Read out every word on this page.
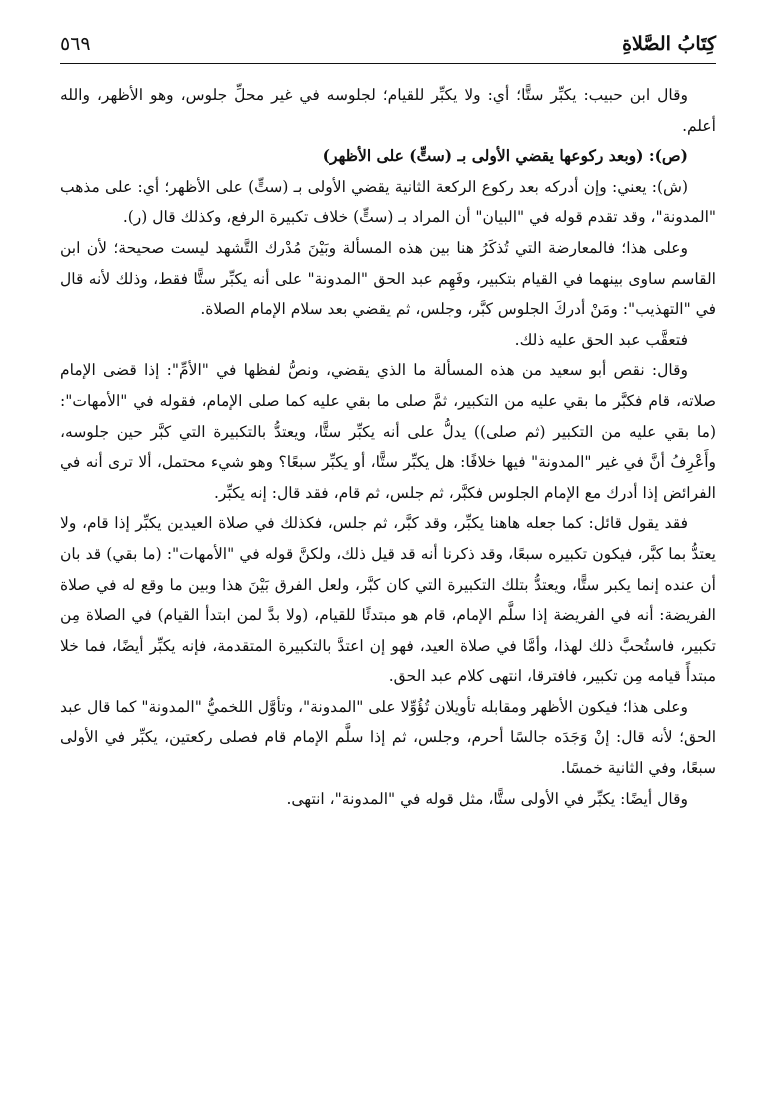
كِتَابُ الصَّلاةِ
٥٦٩

وقال ابن حبيب: يكبِّر ستًّا؛ أي: ولا يكبِّر للقيام؛ لجلوسه في غير محلِّ جلوس، وهو الأظهر، والله أعلم.

(ص): (وبعد ركوعها يقضي الأولى بـ (ستٍّ) على الأظهر)

(ش): يعني: وإن أدركه بعد ركوع الركعة الثانية يقضي الأولى بـ (ستٍّ) على الأظهر؛ أي: على مذهب "المدونة"، وقد تقدم قوله في "البيان" أن المراد بـ (ستٍّ) خلاف تكبيرة الرفع، وكذلك قال (ر).

وعلى هذا؛ فالمعارضة التي تُذكَرُ هنا بين هذه المسألة وبَيْنَ مُدْرك التَّشهد ليست صحيحة؛ لأن ابن القاسم ساوى بينهما في القيام بتكبير، وفَهِم عبد الحق "المدونة" على أنه يكبِّر ستًّا فقط، وذلك لأنه قال في "التهذيب": ومَنْ أدركَ الجلوس كبَّر، وجلس، ثم يقضي بعد سلام الإمام الصلاة.

فتعقَّب عبد الحق عليه ذلك.

وقال: نقص أبو سعيد من هذه المسألة ما الذي يقضي، ونصُّ لفظها في "الأمِّ": إذا قضى الإمام صلاته، قام فكبَّر ما بقي عليه من التكبير، ثمَّ صلى ما بقي عليه كما صلى الإمام، فقوله في "الأمهات": (ما بقي عليه من التكبير (ثم صلى)) يدلُّ على أنه يكبِّر ستًّا، ويعتدُّ بالتكبيرة التي كبَّر حين جلوسه، وأَعْرِفُ أنَّ في غير "المدونة" فيها خلافًا: هل يكبِّر ستًّا، أو يكبِّر سبعًا؟ وهو شيء محتمل، ألا ترى أنه في الفرائض إذا أدرك مع الإمام الجلوس فكبَّر، ثم جلس، ثم قام، فقد قال: إنه يكبِّر.

فقد يقول قائل: كما جعله هاهنا يكبِّر، وقد كبَّر، ثم جلس، فكذلك في صلاة العيدين يكبِّر إذا قام، ولا يعتدُّ بما كبَّر، فيكون تكبيره سبعًا، وقد ذكرنا أنه قد قيل ذلك، ولكنَّ قوله في "الأمهات": (ما بقي) قد بان أن عنده إنما يكبر ستًّا، ويعتدُّ بتلك التكبيرة التي كان كبَّر، ولعل الفرق بَيْنَ هذا وبين ما وقع له في صلاة الفريضة: أنه في الفريضة إذا سلَّم الإمام، قام هو مبتدئًا للقيام، (ولا بدَّ لمن ابتدأ القيام) في الصلاة مِن تكبير، فاستُحبَّ ذلك لهذا، وأمَّا في صلاة العيد، فهو إن اعتدَّ بالتكبيرة المتقدمة، فإنه يكبِّر أيضًا، فما خلا مبتدأً قيامه مِن تكبير، فافترقا، انتهى كلام عبد الحق.

وعلى هذا؛ فيكون الأظهر ومقابله تأويلان تُؤُوِّلا على "المدونة"، وتأوَّل اللخميُّ "المدونة" كما قال عبد الحق؛ لأنه قال: إنْ وَجَدَه جالسًا أحرم، وجلس، ثم إذا سلَّم الإمام قام فصلى ركعتين، يكبِّر في الأولى سبعًا، وفي الثانية خمسًا.

وقال أيضًا: يكبِّر في الأولى ستًّا، مثل قوله في "المدونة"، انتهى.
